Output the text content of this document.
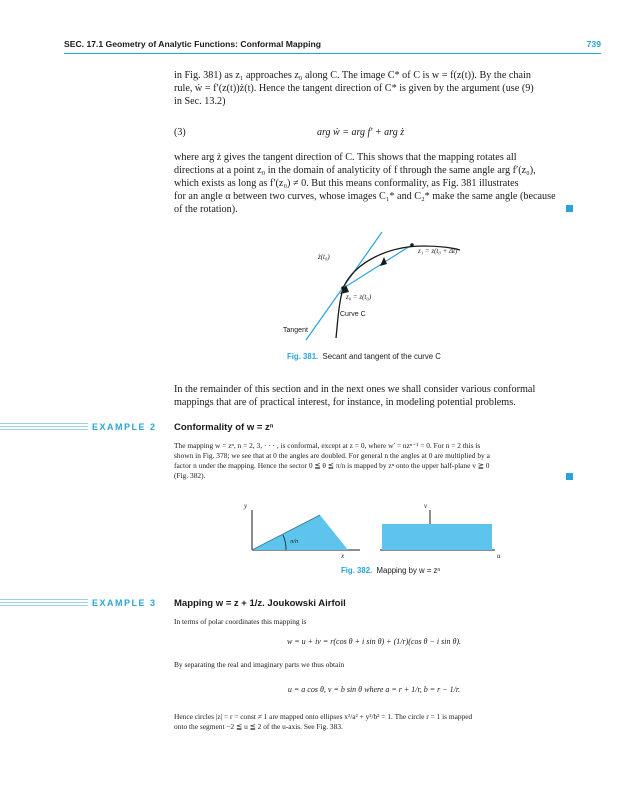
SEC. 17.1 Geometry of Analytic Functions: Conformal Mapping	739

in Fig. 381) as z₁ approaches z₀ along C. The image C* of C is w = f(z(t)). By the chain

rule, ẇ = f′(z(t))ż(t). Hence the tangent direction of C* is given by the argument (use (9)

in Sec. 13.2)

(3)	arg ẇ = arg f′ + arg ż

where arg ż gives the tangent direction of C. This shows that the mapping rotates all

directions at a point z₀ in the domain of analyticity of f through the same angle arg f′(z₀),

which exists as long as f′(z₀) ≠ 0. But this means conformality, as Fig. 381 illustrates

for an angle α between two curves, whose images C₁* and C₂* make the same angle (because

of the rotation).

ż(t₀)
z₁ = z(t₀ + Δt)
z₀ = z(t₀)
Curve C
Tangent
Fig. 381. Secant and tangent of the curve C

In the remainder of this section and in the next ones we shall consider various conformal

mappings that are of practical interest, for instance, in modeling potential problems.

EXAMPLE 2 Conformality of w = zⁿ

The mapping w = zⁿ, n = 2, 3, · · · , is conformal, except at z = 0, where w′ = nzⁿ⁻¹ = 0. For n = 2 this is

shown in Fig. 378; we see that at 0 the angles are doubled. For general n the angles at 0 are multiplied by a

factor n under the mapping. Hence the sector 0 ≦ θ ≦ π/n is mapped by zⁿ onto the upper half-plane v ≧ 0

(Fig. 382).

y
x
v
u
π/n
Fig. 382. Mapping by w = zⁿ
EXAMPLE 3 Mapping w = z + 1/z. Joukowski Airfoil

In terms of polar coordinates this mapping is

w = u + iv = r(cos θ + i sin θ) + (1/r)(cos θ − i sin θ).

By separating the real and imaginary parts we thus obtain

u = a cos θ, v = b sin θ where a = r + 1/r, b = r − 1/r.

Hence circles |z| = r = const ≠ 1 are mapped onto ellipses x²/a² + y²/b² = 1. The circle r = 1 is mapped

onto the segment −2 ≦ u ≦ 2 of the u-axis. See Fig. 383.
